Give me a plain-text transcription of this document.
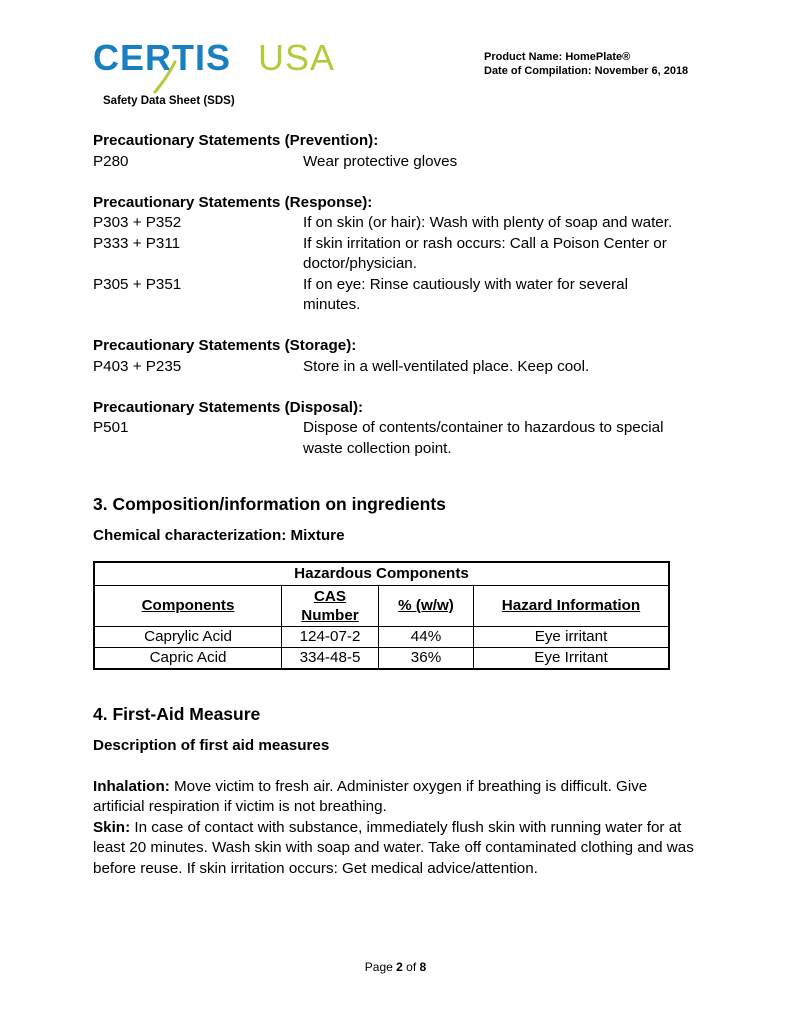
CERTIS USA
Safety Data Sheet (SDS)
Product Name: HomePlate®
Date of Compilation: November 6, 2018

Precautionary Statements (Prevention):

P280	Wear protective gloves

Precautionary Statements (Response):

P303 + P352	If on skin (or hair): Wash with plenty of soap and water.
P333 + P311	If skin irritation or rash occurs: Call a Poison Center or doctor/physician.
P305 + P351	If on eye: Rinse cautiously with water for several minutes.

Precautionary Statements (Storage):

P403 + P235	Store in a well-ventilated place. Keep cool.

Precautionary Statements (Disposal):

P501	Dispose of contents/container to hazardous to special waste collection point.

3. Composition/information on ingredients

Chemical characterization: Mixture

Hazardous Components			
Components	CAS Number	% (w/w)	Hazard Information
Caprylic Acid	124-07-2	44%	Eye irritant
Capric Acid	334-48-5	36%	Eye Irritant

4. First-Aid Measure

Description of first aid measures

Inhalation: Move victim to fresh air. Administer oxygen if breathing is difficult. Give artificial respiration if victim is not breathing.

Skin: In case of contact with substance, immediately flush skin with running water for at least 20 minutes. Wash skin with soap and water. Take off contaminated clothing and was before reuse. If skin irritation occurs: Get medical advice/attention.

Page 2 of 8
